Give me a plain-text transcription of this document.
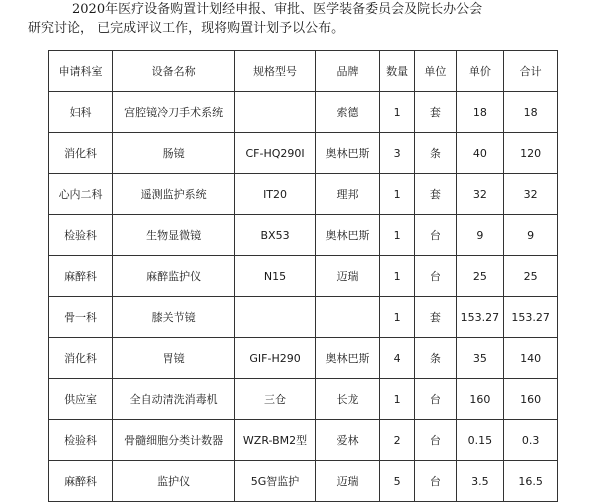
2020年医疗设备购置计划经申报、审批、医学装备委员会及院长办公会
研究讨论， 已完成评议工作，现将购置计划予以公布。
申请科室	设备名称	规格型号	品牌	数量	单位	单价	合计
妇科	宫腔镜冷刀手术系统		索德	1	套	18	18
消化科	肠镜	CF-HQ290I	奥林巴斯	3	条	40	120
心内二科	遥测监护系统	IT20	理邦	1	套	32	32
检验科	生物显微镜	BX53	奥林巴斯	1	台	9	9
麻醉科	麻醉监护仪	N15	迈瑞	1	台	25	25
骨一科	膝关节镜			1	套	153.27	153.27
消化科	胃镜	GIF-H290	奥林巴斯	4	条	35	140
供应室	全自动清洗消毒机	三仓	长龙	1	台	160	160
检验科	骨髓细胞分类计数器	WZR-BM2型	爱林	2	台	0.15	0.3
麻醉科	监护仪	5G智监护	迈瑞	5	台	3.5	16.5
